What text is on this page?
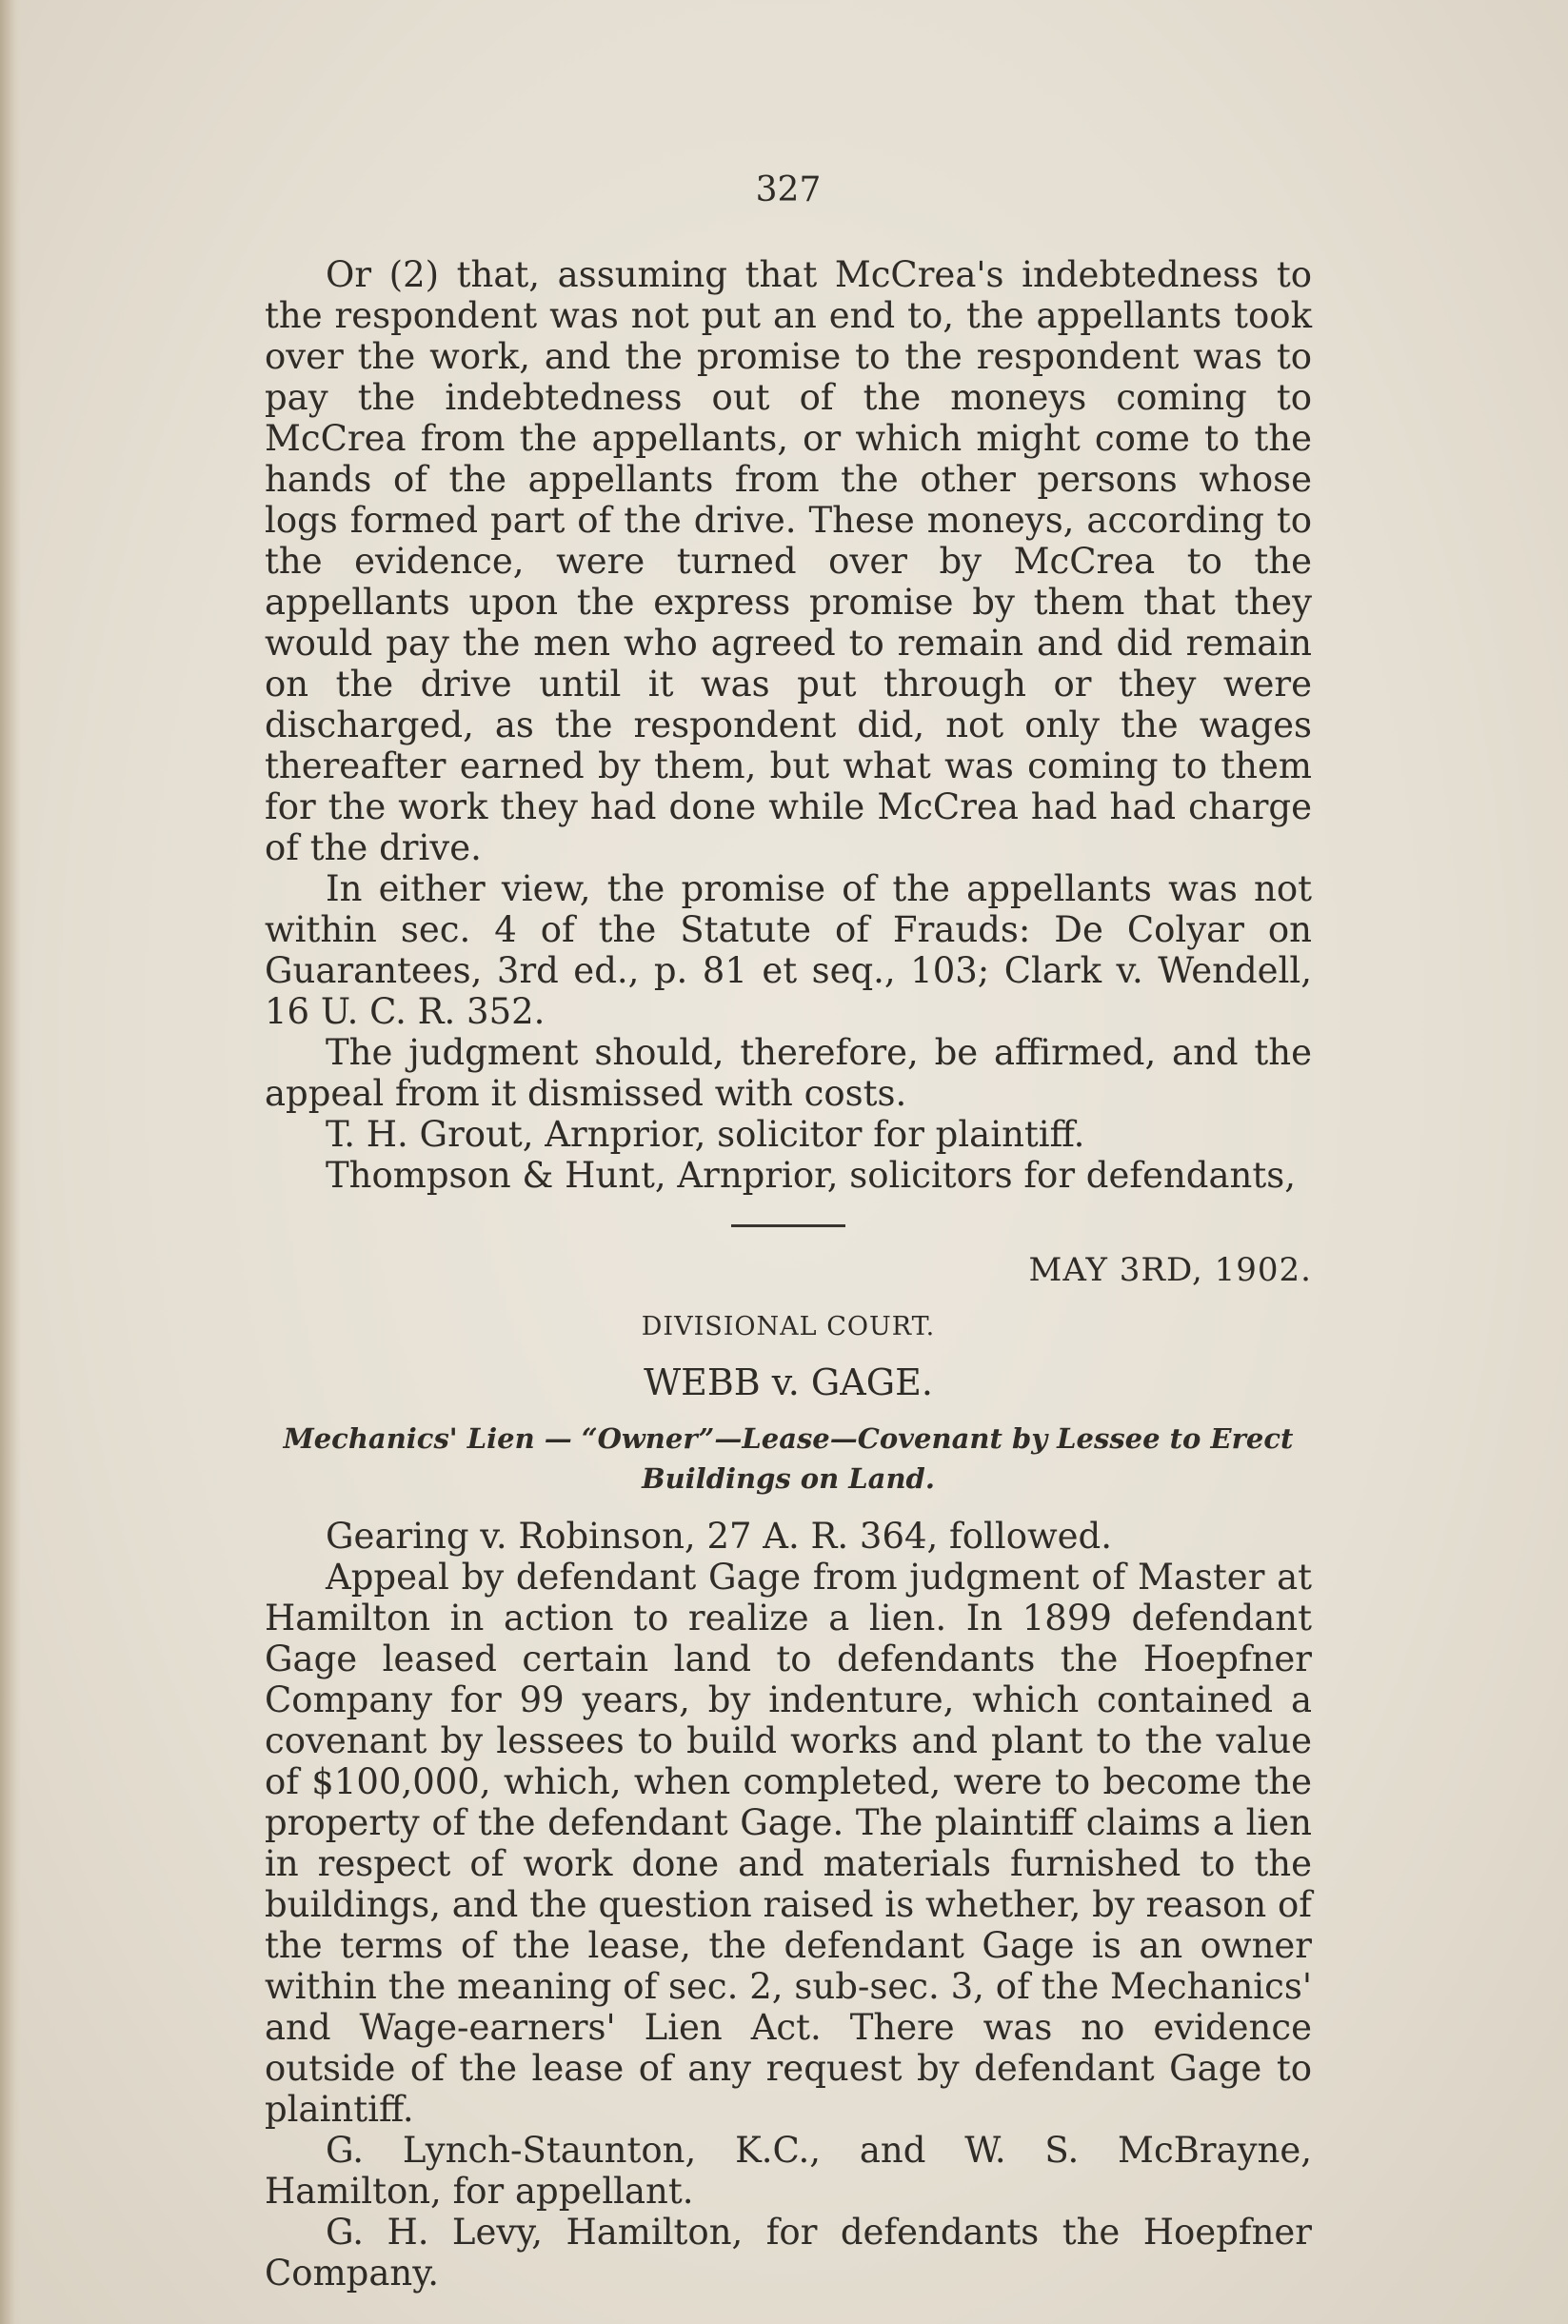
327

Or (2) that, assuming that McCrea's indebtedness to the respondent was not put an end to, the appellants took over the work, and the promise to the respondent was to pay the indebtedness out of the moneys coming to McCrea from the appellants, or which might come to the hands of the appellants from the other persons whose logs formed part of the drive. These moneys, according to the evidence, were turned over by McCrea to the appellants upon the express promise by them that they would pay the men who agreed to remain and did remain on the drive until it was put through or they were discharged, as the respondent did, not only the wages thereafter earned by them, but what was coming to them for the work they had done while McCrea had had charge of the drive.

In either view, the promise of the appellants was not within sec. 4 of the Statute of Frauds: De Colyar on Guarantees, 3rd ed., p. 81 et seq., 103; Clark v. Wendell, 16 U. C. R. 352.

The judgment should, therefore, be affirmed, and the appeal from it dismissed with costs.

T. H. Grout, Arnprior, solicitor for plaintiff.

Thompson & Hunt, Arnprior, solicitors for defendants,

MAY 3RD, 1902.
DIVISIONAL COURT.
WEBB v. GAGE.
Mechanics' Lien — “Owner”—Lease—Covenant by Lessee to Erect
Buildings on Land.

Gearing v. Robinson, 27 A. R. 364, followed.

Appeal by defendant Gage from judgment of Master at Hamilton in action to realize a lien. In 1899 defendant Gage leased certain land to defendants the Hoepfner Company for 99 years, by indenture, which contained a covenant by lessees to build works and plant to the value of $100,000, which, when completed, were to become the property of the defendant Gage. The plaintiff claims a lien in respect of work done and materials furnished to the buildings, and the question raised is whether, by reason of the terms of the lease, the defendant Gage is an owner within the meaning of sec. 2, sub-sec. 3, of the Mechanics' and Wage-earners' Lien Act. There was no evidence outside of the lease of any request by defendant Gage to plaintiff.

G. Lynch-Staunton, K.C., and W. S. McBrayne, Hamilton, for appellant.

G. H. Levy, Hamilton, for defendants the Hoepfner Company.
